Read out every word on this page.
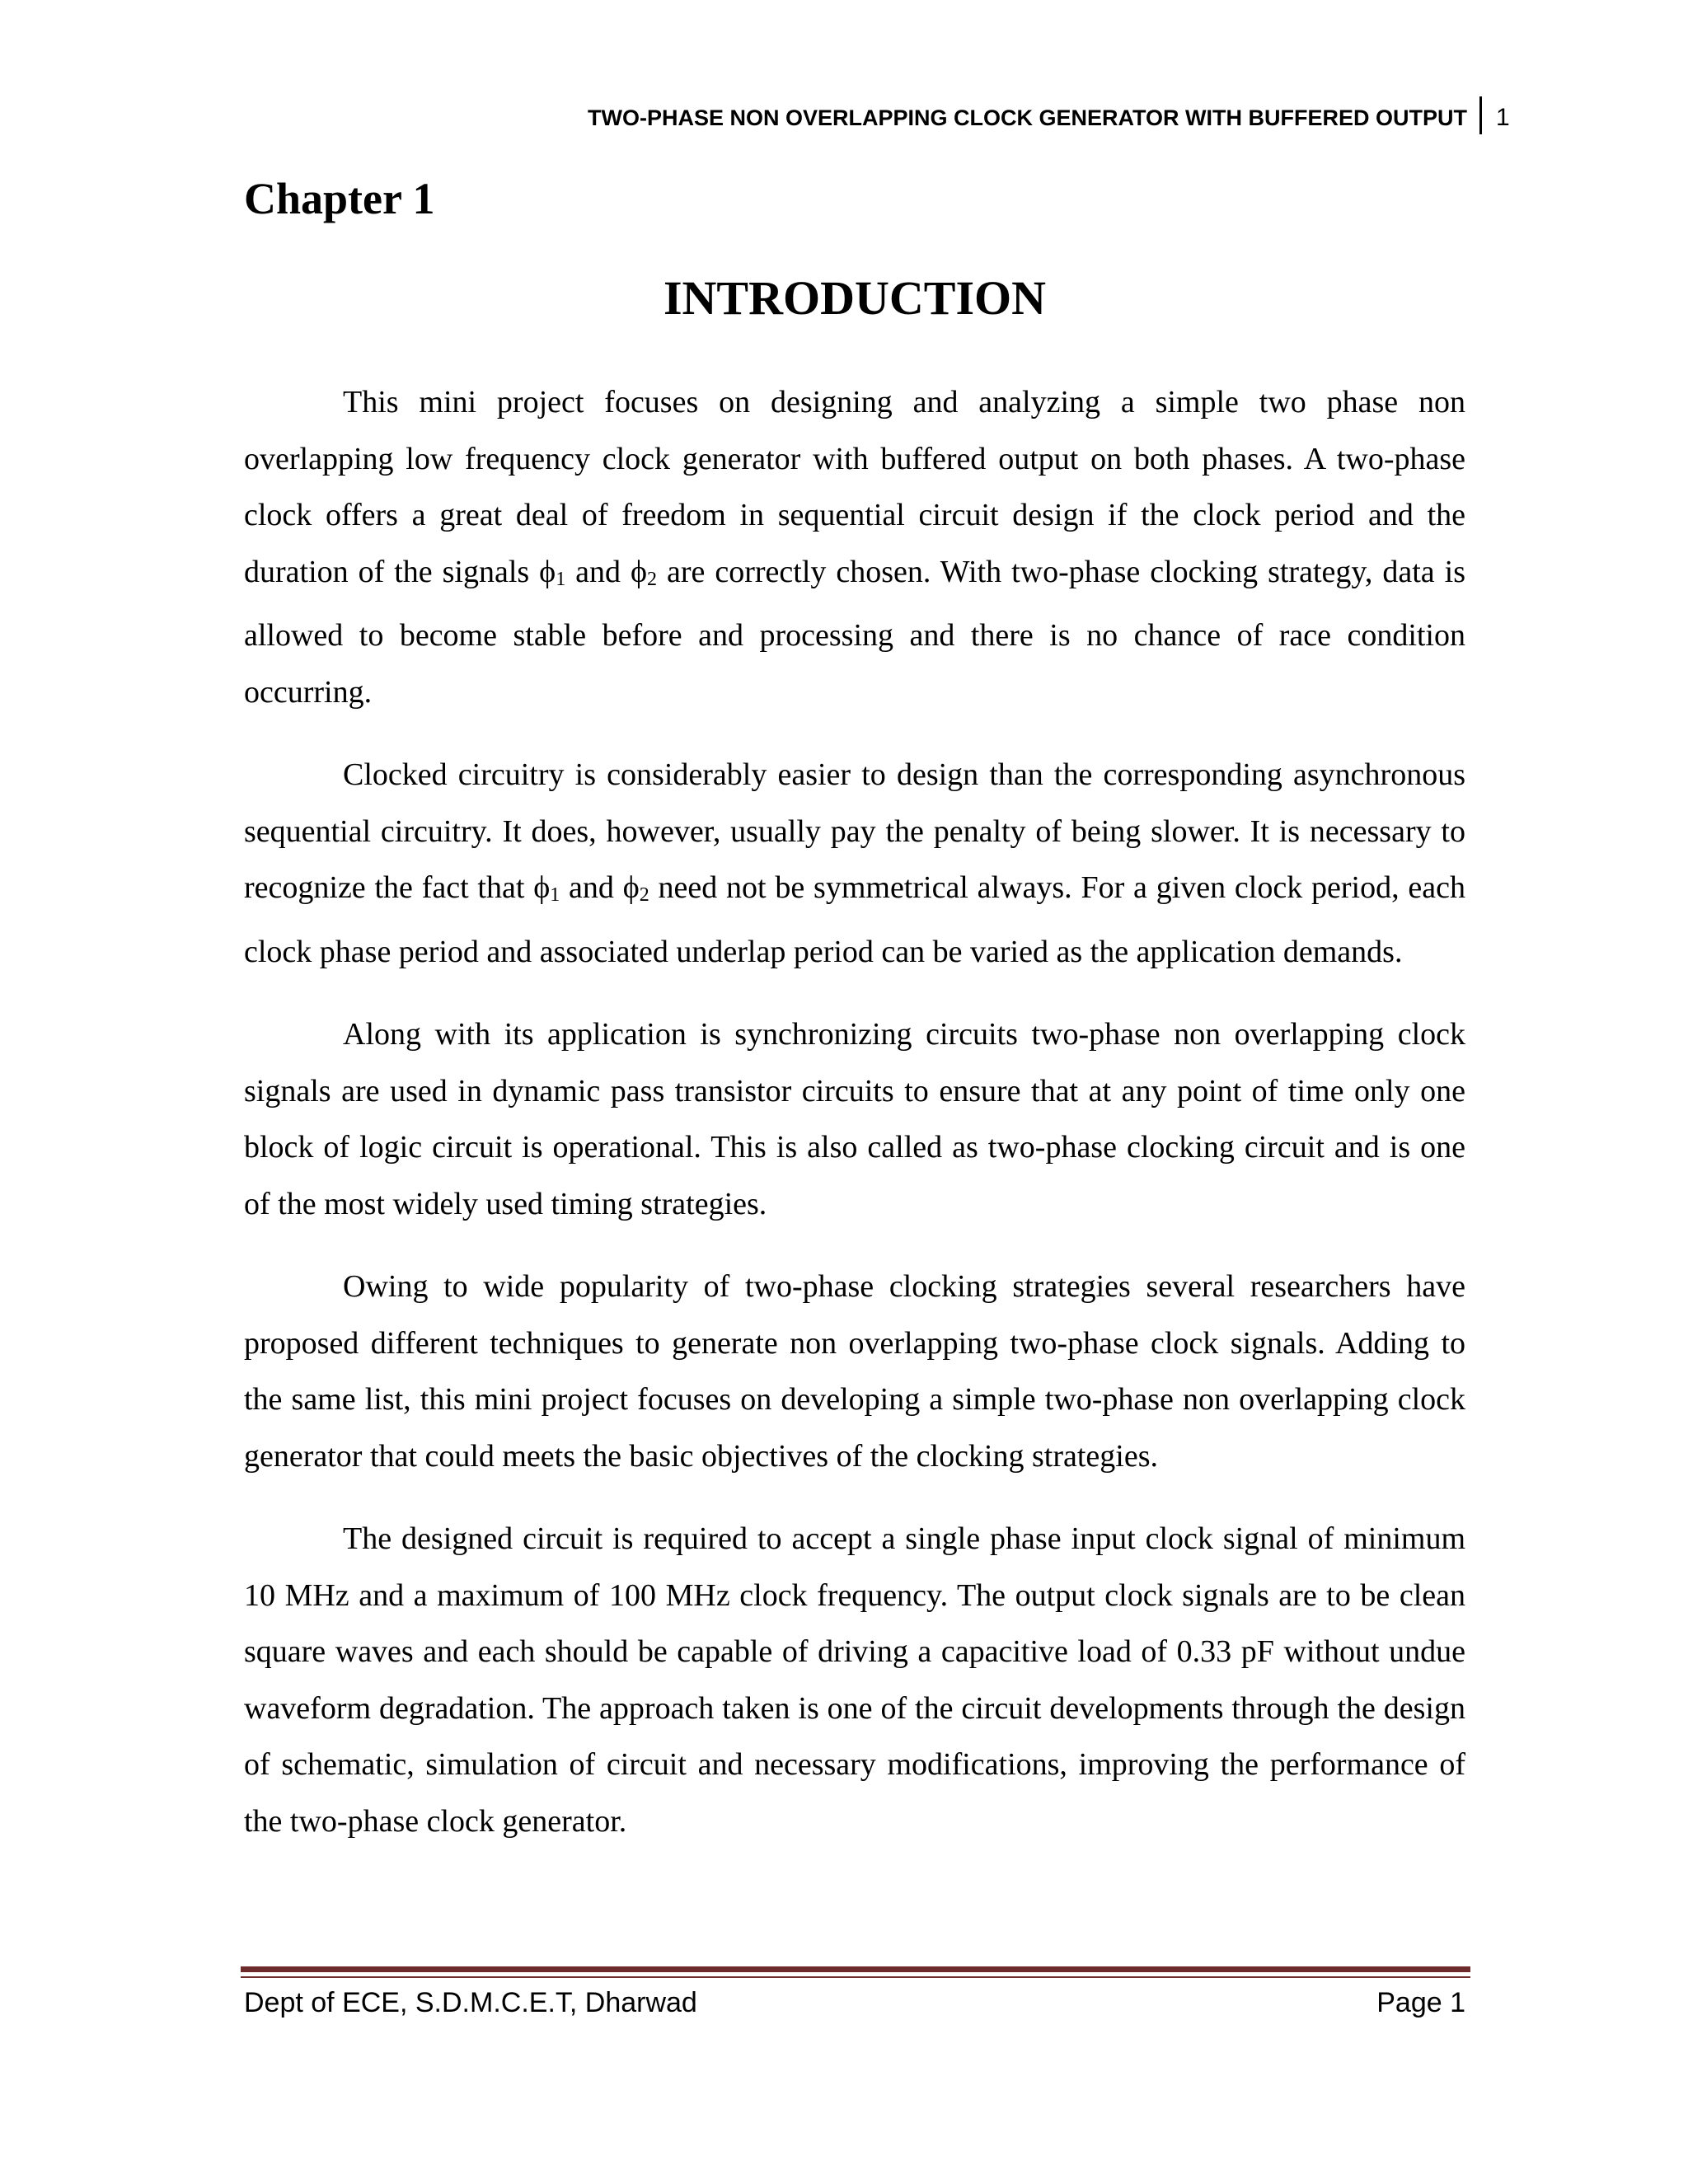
TWO-PHASE NON OVERLAPPING CLOCK GENERATOR WITH BUFFERED OUTPUT 1
Chapter 1
INTRODUCTION

This mini project focuses on designing and analyzing a simple two phase non overlapping low frequency clock generator with buffered output on both phases. A two-phase clock offers a great deal of freedom in sequential circuit design if the clock period and the duration of the signals ϕ1 and ϕ2 are correctly chosen. With two-phase clocking strategy, data is allowed to become stable before and processing and there is no chance of race condition occurring.

Clocked circuitry is considerably easier to design than the corresponding asynchronous sequential circuitry. It does, however, usually pay the penalty of being slower. It is necessary to recognize the fact that ϕ1 and ϕ2 need not be symmetrical always. For a given clock period, each clock phase period and associated underlap period can be varied as the application demands.

Along with its application is synchronizing circuits two-phase non overlapping clock signals are used in dynamic pass transistor circuits to ensure that at any point of time only one block of logic circuit is operational. This is also called as two-phase clocking circuit and is one of the most widely used timing strategies.

Owing to wide popularity of two-phase clocking strategies several researchers have proposed different techniques to generate non overlapping two-phase clock signals. Adding to the same list, this mini project focuses on developing a simple two-phase non overlapping clock generator that could meets the basic objectives of the clocking strategies.

The designed circuit is required to accept a single phase input clock signal of minimum 10 MHz and a maximum of 100 MHz clock frequency. The output clock signals are to be clean square waves and each should be capable of driving a capacitive load of 0.33 pF without undue waveform degradation. The approach taken is one of the circuit developments through the design of schematic, simulation of circuit and necessary modifications, improving the performance of the two-phase clock generator.

Dept of ECE, S.D.M.C.E.T, Dharwad	Page 1
